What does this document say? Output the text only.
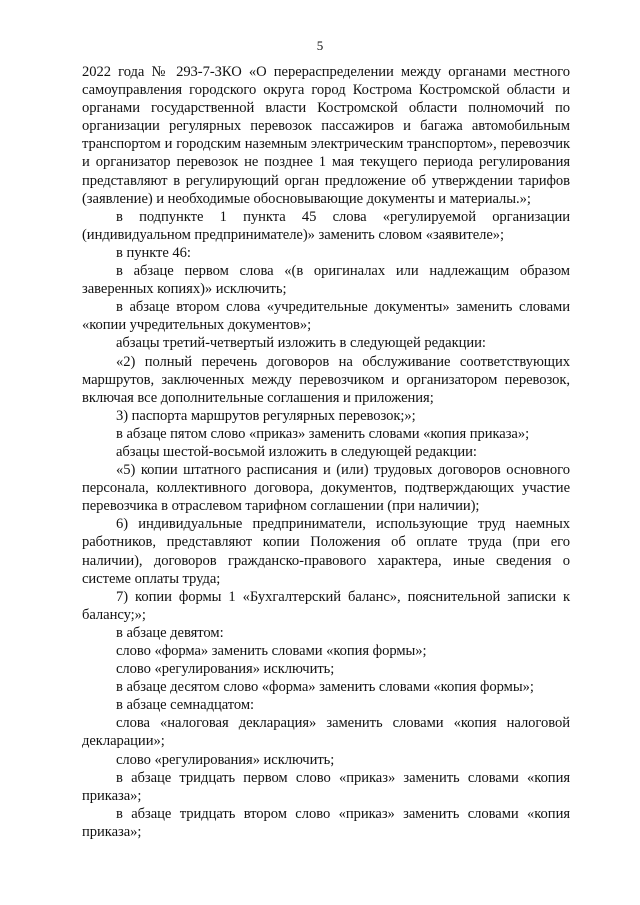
5

2022 года № 293-7-ЗКО «О перераспределении между органами местного самоуправления городского округа город Кострома Костромской области и органами государственной власти Костромской области полномочий по организации регулярных перевозок пассажиров и багажа автомобильным транспортом и городским наземным электрическим транспортом», перевозчик и организатор перевозок не позднее 1 мая текущего периода регулирования представляют в регулирующий орган предложение об утверждении тарифов (заявление) и необходимые обосновывающие документы и материалы.»;

в подпункте 1 пункта 45 слова «регулируемой организации (индивидуальном предпринимателе)» заменить словом «заявителе»;

в пункте 46:

в абзаце первом слова «(в оригиналах или надлежащим образом заверенных копиях)» исключить;

в абзаце втором слова «учредительные документы» заменить словами «копии учредительных документов»;

абзацы третий-четвертый изложить в следующей редакции:

«2) полный перечень договоров на обслуживание соответствующих маршрутов, заключенных между перевозчиком и организатором перевозок, включая все дополнительные соглашения и приложения;

3) паспорта маршрутов регулярных перевозок;»;

в абзаце пятом слово «приказ» заменить словами «копия приказа»;

абзацы шестой-восьмой изложить в следующей редакции:

«5) копии штатного расписания и (или) трудовых договоров основного персонала, коллективного договора, документов, подтверждающих участие перевозчика в отраслевом тарифном соглашении (при наличии);

6) индивидуальные предприниматели, использующие труд наемных работников, представляют копии Положения об оплате труда (при его наличии), договоров гражданско-правового характера, иные сведения о системе оплаты труда;

7) копии формы 1 «Бухгалтерский баланс», пояснительной записки к балансу;»;

в абзаце девятом:

слово «форма» заменить словами «копия формы»;

слово «регулирования» исключить;

в абзаце десятом слово «форма» заменить словами «копия формы»;

в абзаце семнадцатом:

слова «налоговая декларация» заменить словами «копия налоговой декларации»;

слово «регулирования» исключить;

в абзаце тридцать первом слово «приказ» заменить словами «копия приказа»;

в абзаце тридцать втором слово «приказ» заменить словами «копия приказа»;
